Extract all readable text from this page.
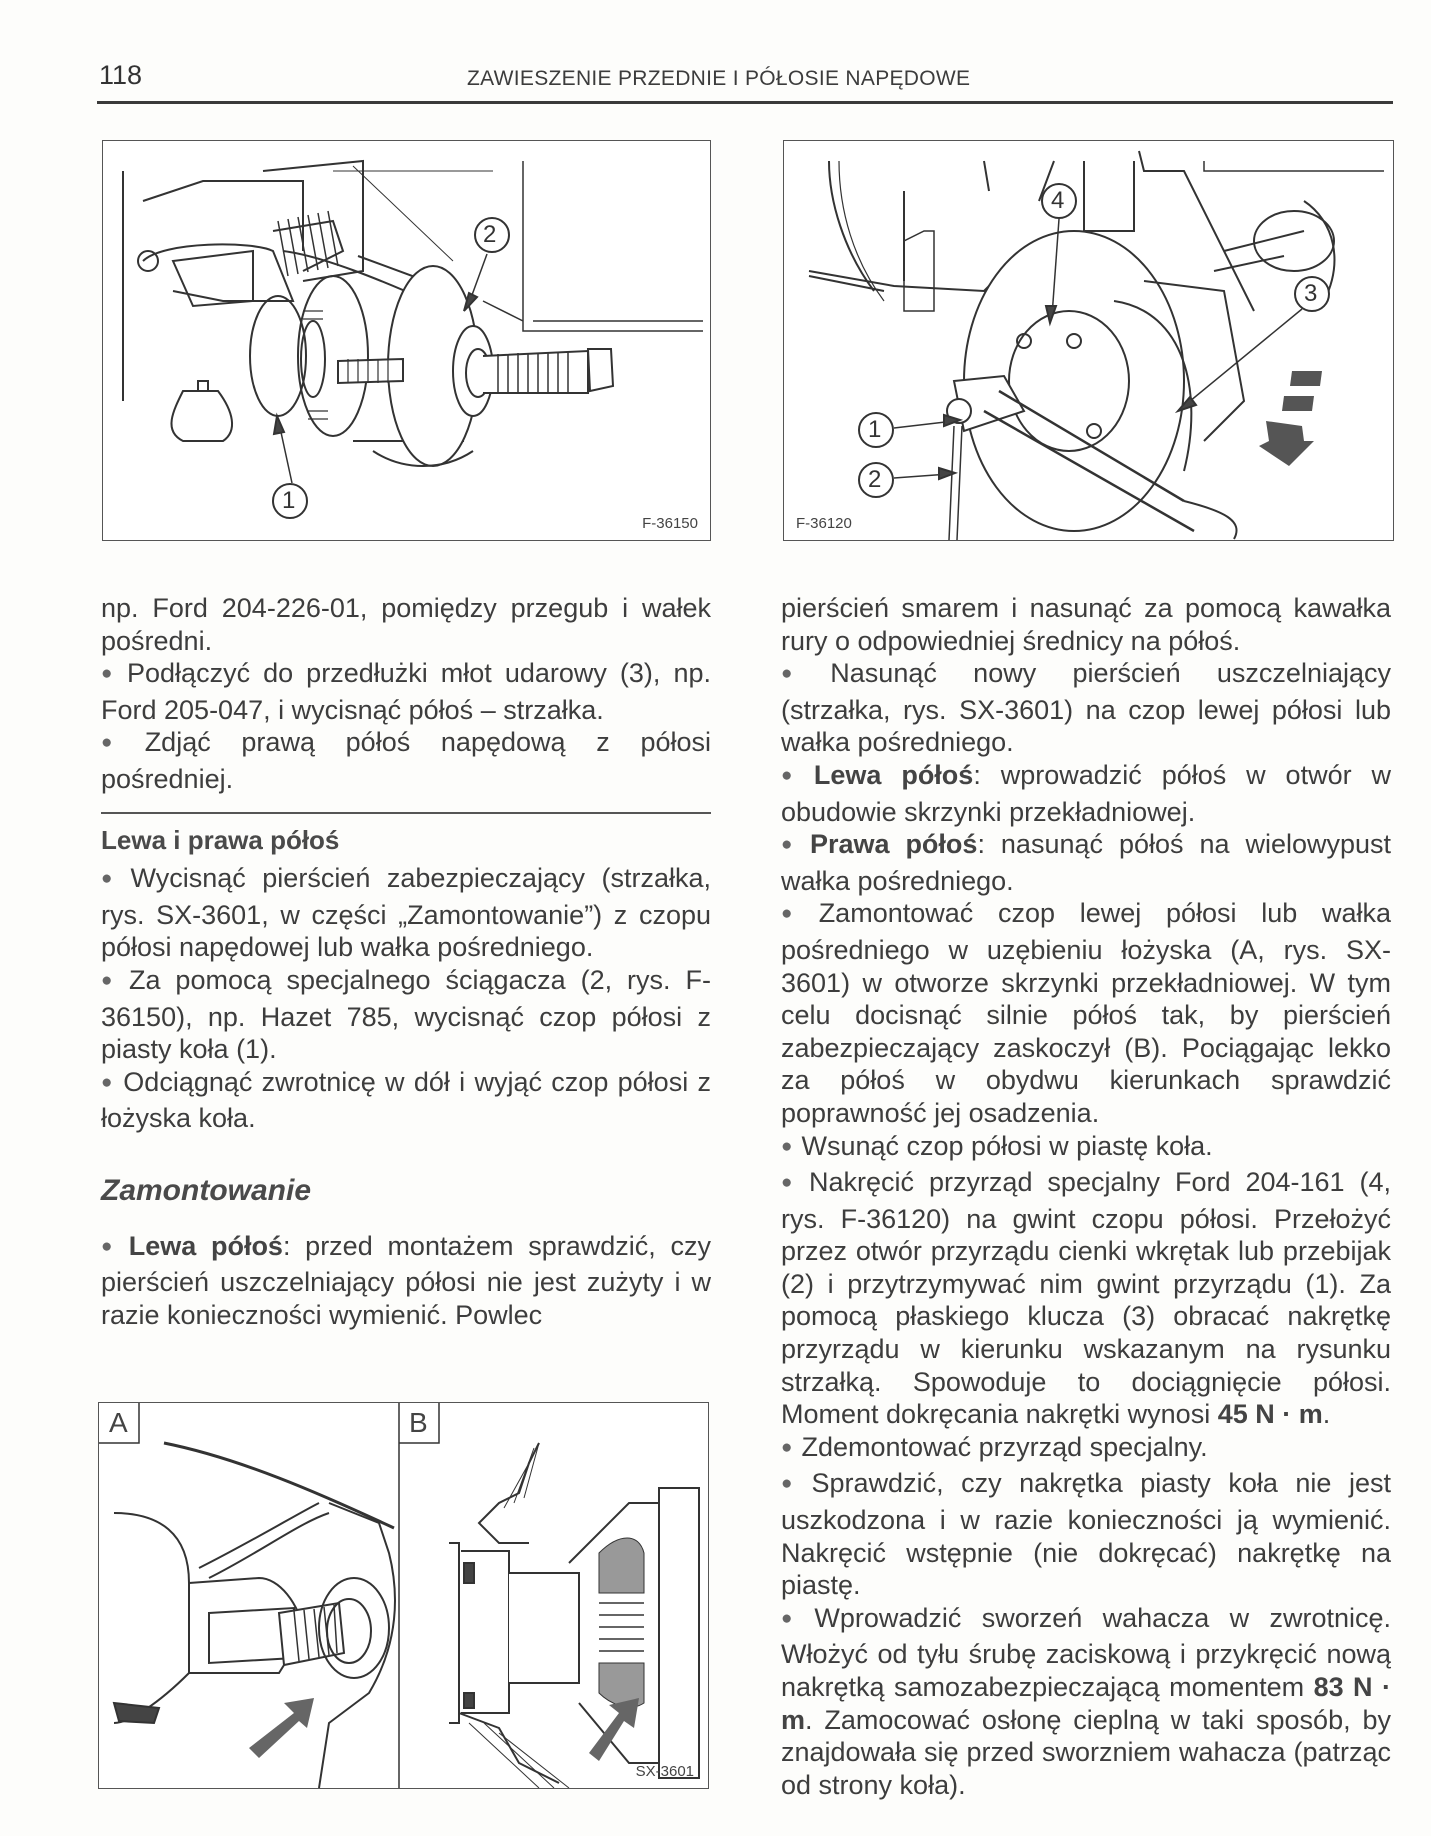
118	ZAWIESZENIE PRZEDNIE I PÓŁOSIE NAPĘDOWE
2
1
F-36150
4
3
1
2
F-36120

np. Ford 204-226-01, pomiędzy przegub i wałek pośredni.

● Podłączyć do przedłużki młot udarowy (3), np. Ford 205-047, i wycisnąć półoś – strzałka.

● Zdjąć prawą półoś napędową z półosi pośredniej.

Lewa i prawa półoś

● Wycisnąć pierścień zabezpieczający (strzałka, rys. SX-3601, w części „Zamontowanie”) z czopu półosi napędowej lub wałka pośredniego.

● Za pomocą specjalnego ściągacza (2, rys. F-36150), np. Hazet 785, wycisnąć czop półosi z piasty koła (1).

● Odciągnąć zwrotnicę w dół i wyjąć czop półosi z łożyska koła.

Zamontowanie

● Lewa półoś: przed montażem sprawdzić, czy pierścień uszczelniający półosi nie jest zużyty i w razie konieczności wymienić. Powlec

A	B
SX-3601

pierścień smarem i nasunąć za pomocą kawałka rury o odpowiedniej średnicy na półoś.

● Nasunąć nowy pierścień uszczelniający (strzałka, rys. SX-3601) na czop lewej półosi lub wałka pośredniego.

● Lewa półoś: wprowadzić półoś w otwór w obudowie skrzynki przekładniowej.

● Prawa półoś: nasunąć półoś na wielowypust wałka pośredniego.

● Zamontować czop lewej półosi lub wałka pośredniego w uzębieniu łożyska (A, rys. SX-3601) w otworze skrzynki przekładniowej. W tym celu docisnąć silnie półoś tak, by pierścień zabezpieczający zaskoczył (B). Pociągając lekko za półoś w obydwu kierunkach sprawdzić poprawność jej osadzenia.

● Wsunąć czop półosi w piastę koła.

● Nakręcić przyrząd specjalny Ford 204-161 (4, rys. F-36120) na gwint czopu półosi. Przełożyć przez otwór przyrządu cienki wkrętak lub przebijak (2) i przytrzymywać nim gwint przyrządu (1). Za pomocą płaskiego klucza (3) obracać nakrętkę przyrządu w kierunku wskazanym na rysunku strzałką. Spowoduje to dociągnięcie półosi. Moment dokręcania nakrętki wynosi 45 N · m.

● Zdemontować przyrząd specjalny.

● Sprawdzić, czy nakrętka piasty koła nie jest uszkodzona i w razie konieczności ją wymienić. Nakręcić wstępnie (nie dokręcać) nakrętkę na piastę.

● Wprowadzić sworzeń wahacza w zwrotnicę. Włożyć od tyłu śrubę zaciskową i przykręcić nową nakrętką samozabezpieczającą momentem 83 N · m. Zamocować osłonę cieplną w taki sposób, by znajdowała się przed sworzniem wahacza (patrząc od strony koła).
